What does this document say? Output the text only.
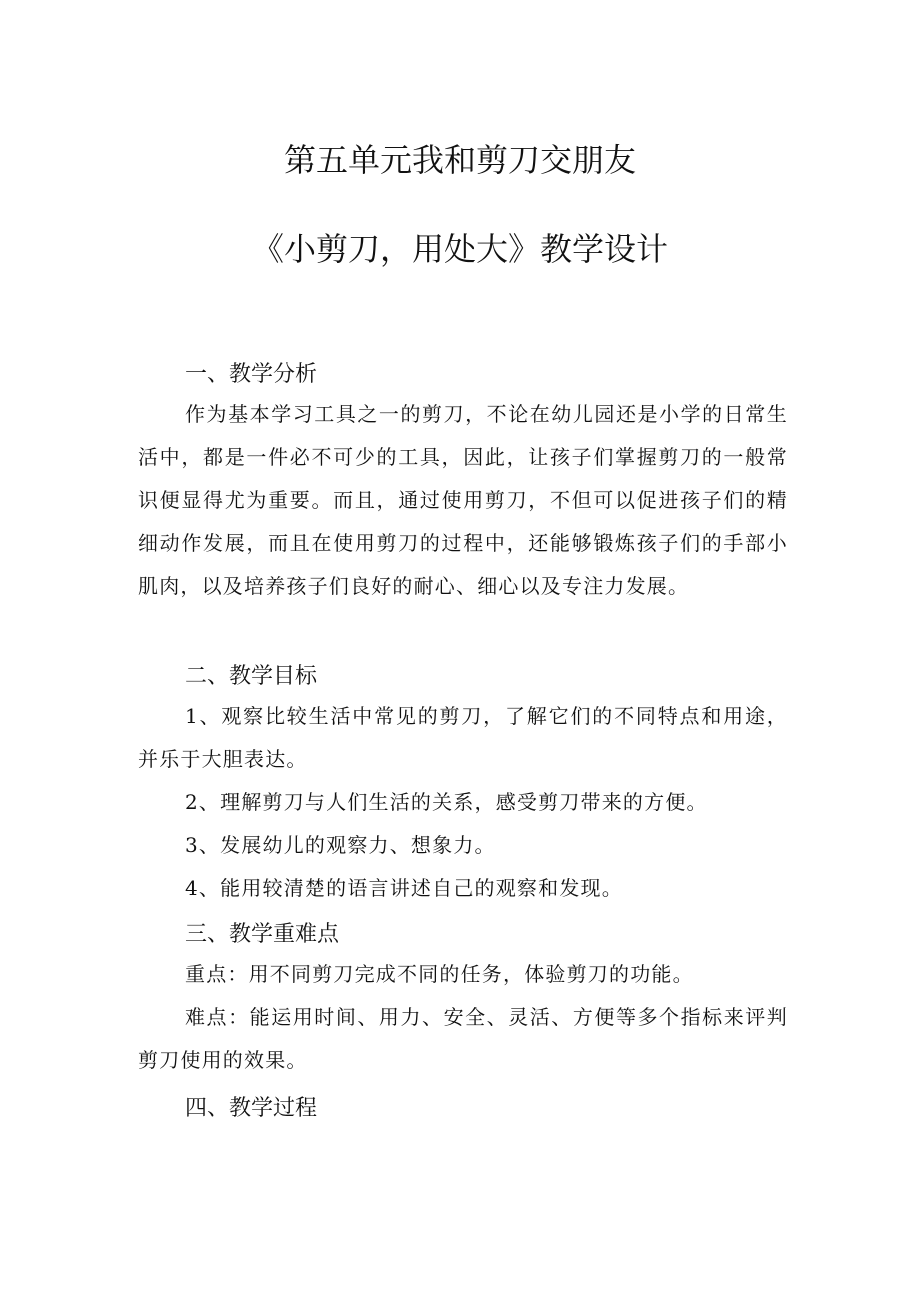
第五单元我和剪刀交朋友
《小剪刀，用处大》教学设计
一、教学分析
作为基本学习工具之一的剪刀，不论在幼儿园还是小学的日常生活中，都是一件必不可少的工具，因此，让孩子们掌握剪刀的一般常识便显得尤为重要。而且，通过使用剪刀，不但可以促进孩子们的精细动作发展，而且在使用剪刀的过程中，还能够锻炼孩子们的手部小肌肉，以及培养孩子们良好的耐心、细心以及专注力发展。
二、教学目标
1、观察比较生活中常见的剪刀，了解它们的不同特点和用途，并乐于大胆表达。
2、理解剪刀与人们生活的关系，感受剪刀带来的方便。
3、发展幼儿的观察力、想象力。
4、能用较清楚的语言讲述自己的观察和发现。
三、教学重难点
重点：用不同剪刀完成不同的任务，体验剪刀的功能。
难点：能运用时间、用力、安全、灵活、方便等多个指标来评判剪刀使用的效果。
四、教学过程
